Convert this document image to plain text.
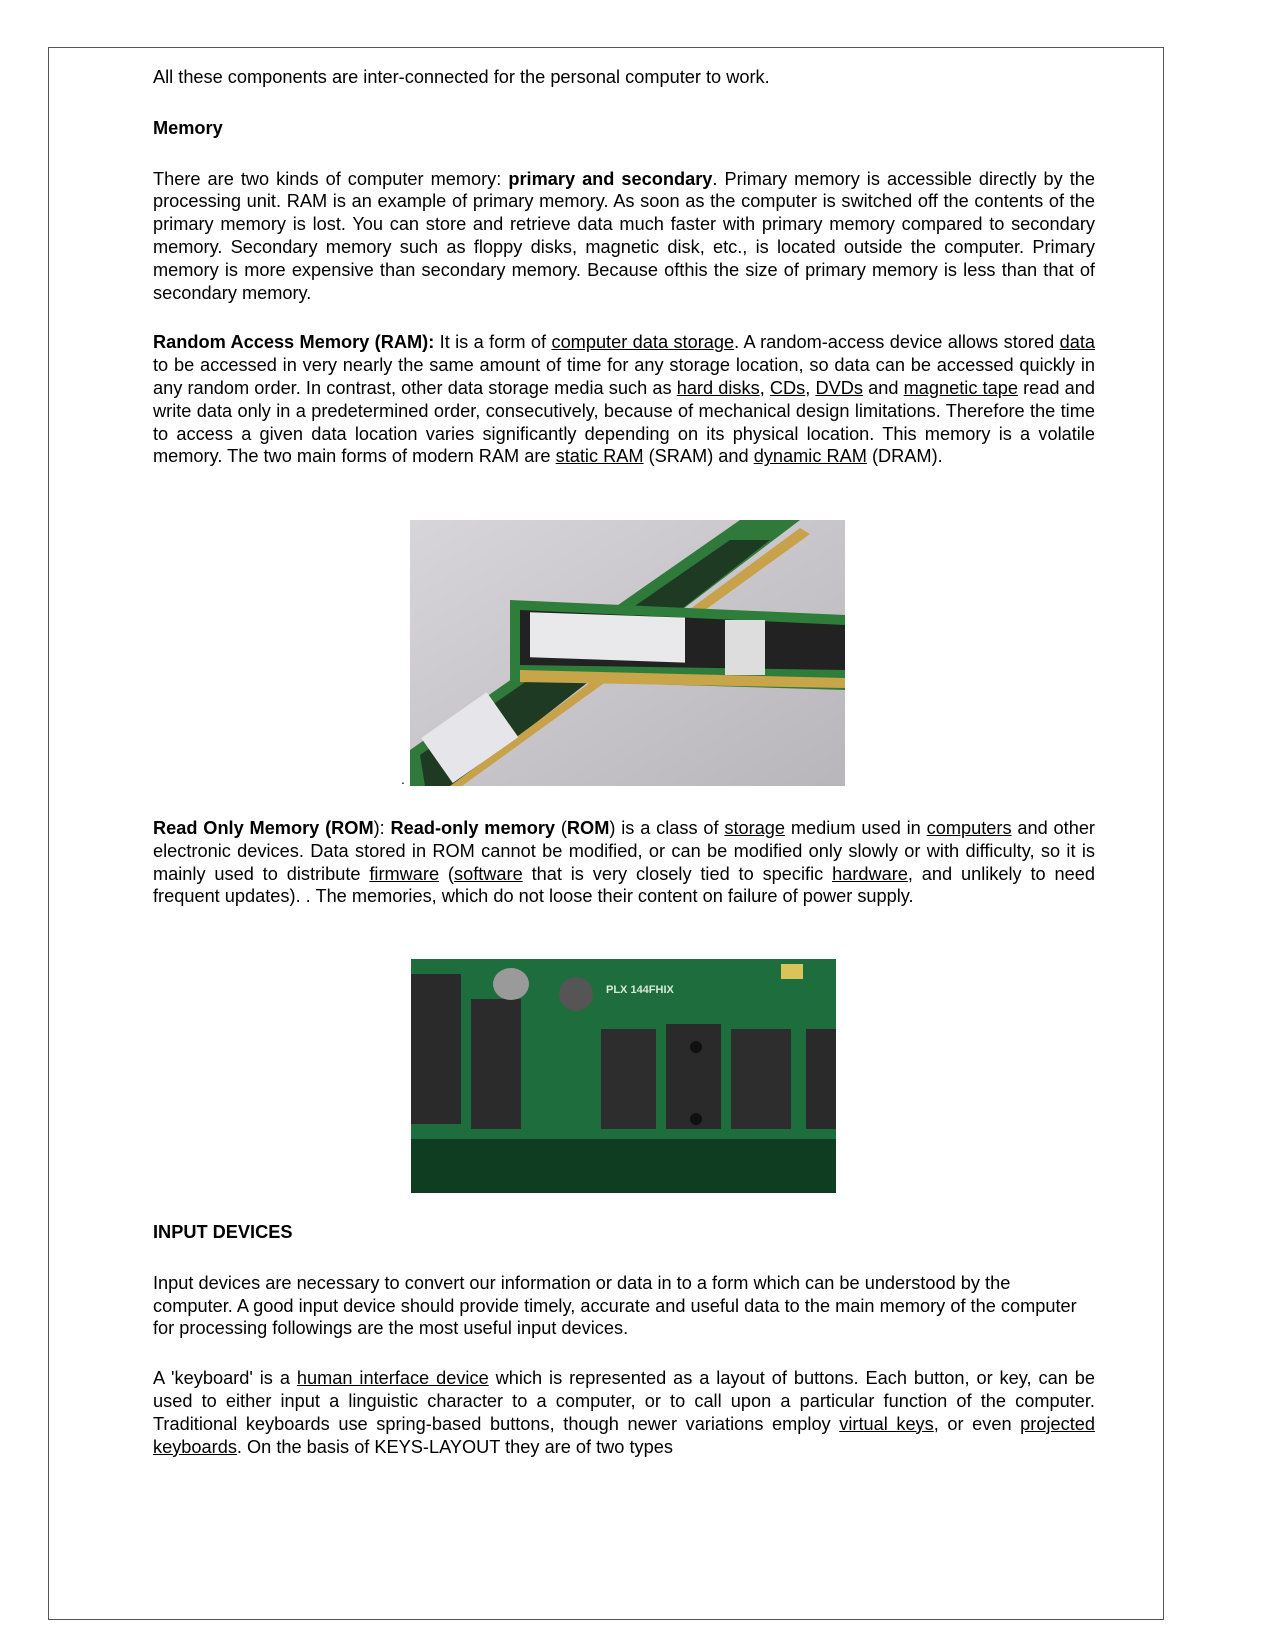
All these components are inter-connected for the personal computer to work.

Memory

There are two kinds of computer memory: primary and secondary. Primary memory is accessible directly by the processing unit. RAM is an example of primary memory. As soon as the computer is switched off the contents of the primary memory is lost. You can store and retrieve data much faster with primary memory compared to secondary memory. Secondary memory such as floppy disks, magnetic disk, etc., is located outside the computer. Primary memory is more expensive than secondary memory. Because ofthis the size of primary memory is less than that of secondary memory.

Random Access Memory (RAM): It is a form of computer data storage. A random-access device allows stored data to be accessed in very nearly the same amount of time for any storage location, so data can be accessed quickly in any random order. In contrast, other data storage media such as hard disks, CDs, DVDs and magnetic tape read and write data only in a predetermined order, consecutively, because of mechanical design limitations. Therefore the time to access a given data location varies significantly depending on its physical location. This memory is a volatile memory. The two main forms of modern RAM are static RAM (SRAM) and dynamic RAM (DRAM).

.

Read Only Memory (ROM): Read-only memory (ROM) is a class of storage medium used in computers and other electronic devices. Data stored in ROM cannot be modified, or can be modified only slowly or with difficulty, so it is mainly used to distribute firmware (software that is very closely tied to specific hardware, and unlikely to need frequent updates). . The memories, which do not loose their content on failure of power supply.

PLX 144FHIX

INPUT DEVICES

Input devices are necessary to convert our information or data in to a form which can be understood by the computer. A good input device should provide timely, accurate and useful data to the main memory of the computer for processing followings are the most useful input devices.

A 'keyboard' is a human interface device which is represented as a layout of buttons. Each button, or key, can be used to either input a linguistic character to a computer, or to call upon a particular function of the computer. Traditional keyboards use spring-based buttons, though newer variations employ virtual keys, or even projected keyboards. On the basis of KEYS-LAYOUT they are of two types
